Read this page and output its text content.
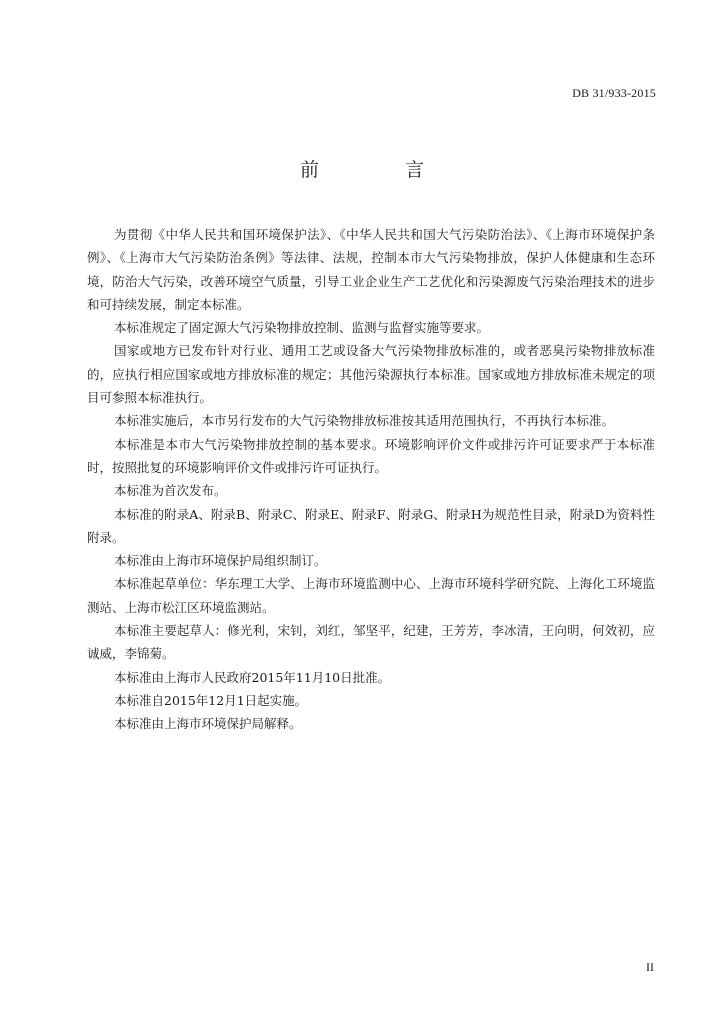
DB 31/933-2015
前 言

为贯彻《中华人民共和国环境保护法》、《中华人民共和国大气污染防治法》、《上海市环境保护条例》、《上海市大气污染防治条例》等法律、法规，控制本市大气污染物排放，保护人体健康和生态环境，防治大气污染，改善环境空气质量，引导工业企业生产工艺优化和污染源废气污染治理技术的进步和可持续发展，制定本标准。

本标准规定了固定源大气污染物排放控制、监测与监督实施等要求。

国家或地方已发布针对行业、通用工艺或设备大气污染物排放标准的，或者恶臭污染物排放标准的，应执行相应国家或地方排放标准的规定；其他污染源执行本标准。国家或地方排放标准未规定的项目可参照本标准执行。

本标准实施后，本市另行发布的大气污染物排放标准按其适用范围执行，不再执行本标准。

本标准是本市大气污染物排放控制的基本要求。环境影响评价文件或排污许可证要求严于本标准时，按照批复的环境影响评价文件或排污许可证执行。

本标准为首次发布。

本标准的附录A、附录B、附录C、附录E、附录F、附录G、附录H为规范性目录，附录D为资料性附录。

本标准由上海市环境保护局组织制订。

本标准起草单位：华东理工大学、上海市环境监测中心、上海市环境科学研究院、上海化工环境监测站、上海市松江区环境监测站。

本标准主要起草人：修光利，宋钊，刘红，邹坚平，纪建，王芳芳，李冰清，王向明，何效初，应诚威，李锦菊。

本标准由上海市人民政府2015年11月10日批准。

本标准自2015年12月1日起实施。

本标准由上海市环境保护局解释。

II
